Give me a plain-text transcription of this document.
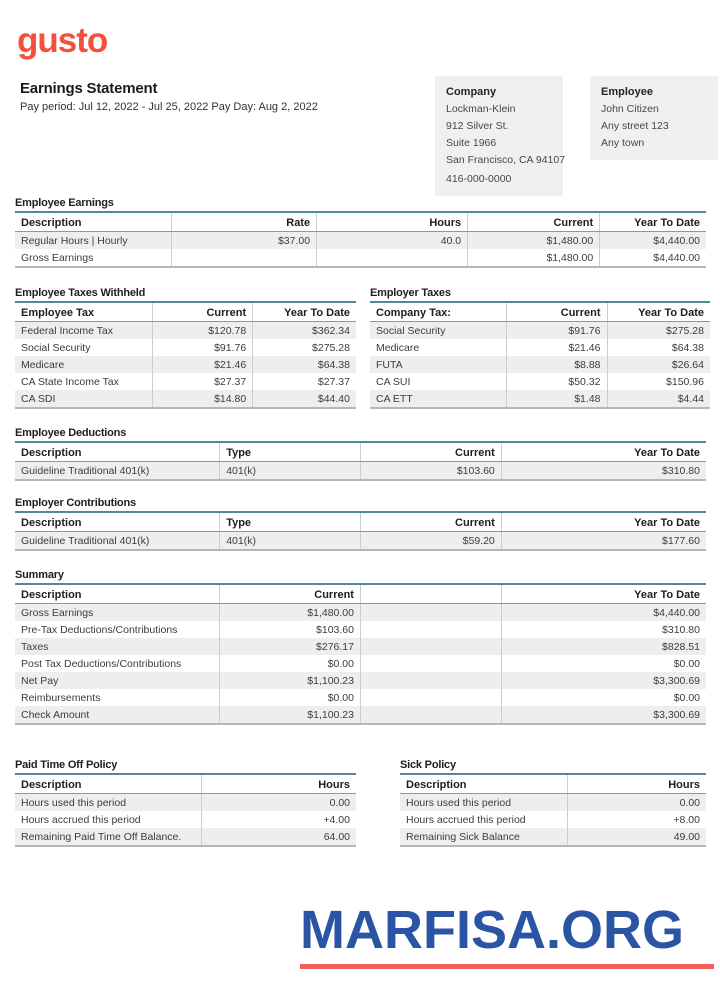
gusto
Earnings Statement
Pay period: Jul 12, 2022 - Jul 25, 2022 Pay Day: Aug 2, 2022
Company
Lockman-Klein
912 Silver St.
Suite 1966
San Francisco, CA 94107
416-000-0000
Employee
John Citizen
Any street 123
Any town
Employee Earnings
Description	Rate	Hours	Current	Year To Date
Regular Hours | Hourly	$37.00	40.0	$1,480.00	$4,440.00
Gross Earnings			$1,480.00	$4,440.00
Employee Taxes Withheld
Employee Tax	Current	Year To Date
Federal Income Tax	$120.78	$362.34
Social Security	$91.76	$275.28
Medicare	$21.46	$64.38
CA State Income Tax	$27.37	$27.37
CA SDI	$14.80	$44.40
Employer Taxes
Company Tax:	Current	Year To Date
Social Security	$91.76	$275.28
Medicare	$21.46	$64.38
FUTA	$8.88	$26.64
CA SUI	$50.32	$150.96
CA ETT	$1.48	$4.44
Employee Deductions
Description	Type	Current	Year To Date
Guideline Traditional 401(k)	401(k)	$103.60	$310.80
Employer Contributions
Description	Type	Current	Year To Date
Guideline Traditional 401(k)	401(k)	$59.20	$177.60
Summary
Description	Current		Year To Date
Gross Earnings	$1,480.00		$4,440.00
Pre-Tax Deductions/Contributions	$103.60		$310.80
Taxes	$276.17		$828.51
Post Tax Deductions/Contributions	$0.00		$0.00
Net Pay	$1,100.23		$3,300.69
Reimbursements	$0.00		$0.00
Check Amount	$1,100.23		$3,300.69
Paid Time Off Policy
Description	Hours
Hours used this period	0.00
Hours accrued this period	+4.00
Remaining Paid Time Off Balance.	64.00
Sick Policy
Description	Hours
Hours used this period	0.00
Hours accrued this period	+8.00
Remaining Sick Balance	49.00
MARFISA.ORG
